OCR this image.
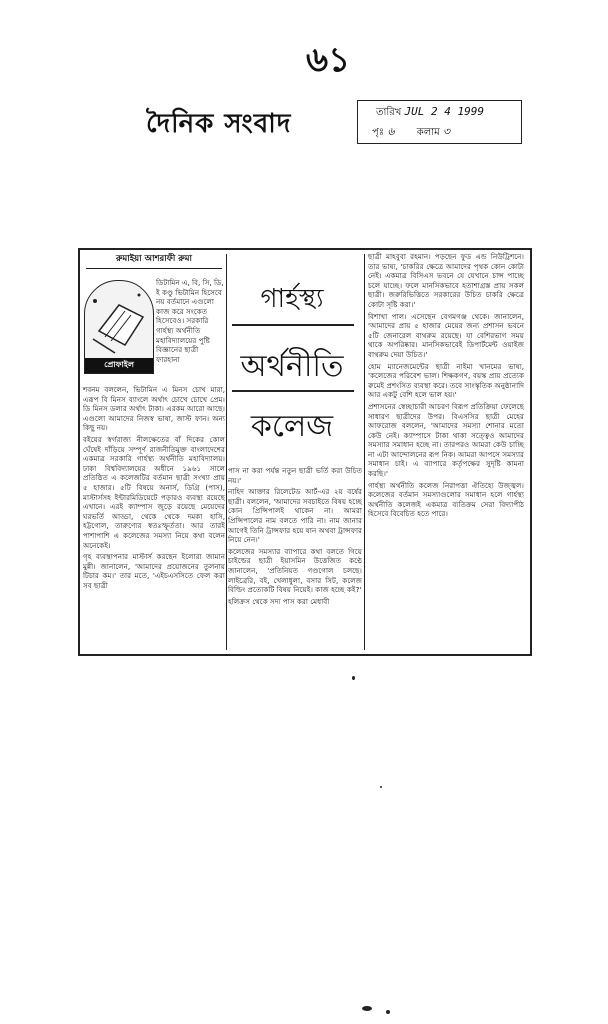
৬১
দৈনিক সংবাদ	তারিখ JUL 2 4 1999
পৃঃ ৬ কলাম ৩
রুমাইয়া আশরাফী রুমা
প্রোফাইল
ডিটামিন এ, বি, সি, ডি, ই কণ্ডু ভিটামিন হিসেবে নয় বর্তমানে এগুলো কাজ করে সংকেত হিসেবেও। সরকারি গার্হস্থ্য অর্থনীতি মহাবিদ্যালয়ের পুষ্টি বিজ্ঞানের ছাত্রী ফারহানা

শবনম বললেন, ভিটামিন এ মিনস চোখ মারা, এরূপ বি মিনস ব্যাংলে অর্থাৎ চোখে চোখে প্রেম। ডি মিনস ডলার অর্থাৎ টাকা। এরকম আরো আছে। এগুলো আমাদের নিজস্ব ভাষা, জাস্ট ফান। অন্য কিছু নয়।

বইয়ের স্বর্গরাজ্য নীলক্ষেতের বাঁ দিকের কোল ঘেঁষেই দাঁড়িয়ে সম্পূর্ণ রাজনীতিমুক্ত বাংলাদেশের একমাত্র সরকারি গার্হস্থ্য অর্থনীতি মহাবিদ্যালয়। ঢাকা বিশ্ববিদ্যালয়ের অধীনে ১৯৬১ সালে প্রতিষ্ঠিত এ কলেজটির বর্তমান ছাত্রী সংখ্যা প্রায় ৫ হাজার। ৫টি বিষয়ে অনার্স, ডিগ্রি (পাস), মাস্টার্সসহ ইন্টারমিডিয়েটে পড়ারও ব্যবস্থা রয়েছে এখানে। এরই ক্যাম্পাস জুড়ে রয়েছে মেয়েদের ঘরভর্তি আড্ডা, থেকে থেকে দমকা হাসি, হট্টগোল, তারুণ্যের স্বতঃস্ফূর্ততা। আর তারই পাশাপাশি এ কলেজের সমস্যা নিয়ে কথা বলেন অনেকেই।

গৃহ ব্যবস্থাপনার মাস্টার্স করছেন ইলোরা জামান মুন্নী। জানালেন, 'আমাদের প্রয়োজনের তুলনায় টিচার কম।' তার মতে, 'এইচএসসিতে ফেল করা সব ছাত্রী

গার্হস্থ্য
অর্থনীতি
কলেজ

পাস না করা পর্যন্ত নতুন ছাত্রী ভর্তি করা উচিত নয়।'

নাহিদ আক্তার রিলেটেড আর্ট-এর ২য় বর্ষের ছাত্রী। বললেন, 'আমাদের সবচাইতে বিষয় হচ্ছে কোন প্রিন্সিপালই থাকেন না। আমরা প্রিন্সিপালের নাম বলতে পারি না। নাম জানার আগেই তিনি ট্রান্সফার হয়ে যান অথবা ট্রান্সফার নিয়ে নেন।'

কলেজের সমস্যার ব্যাপারে কথা বলতে গিয়ে চাইল্ডের ছাত্রী ইয়াসমিন উত্তেজিত কণ্ঠে জানালেন, 'প্রতিনিয়ত গণ্ডগোল চলছে। লাইব্রেরি, বই, খেলাধুলা, বসার সিট, কলেজ বিল্ডিং প্রত্যেকটি বিষয় নিয়েই। কাজ হচ্ছে কই?'

হলিক্রস থেকে সদ্য পাস করা মেধাবী

ছাত্রী মাহবুবা রহমান। পড়ছেন ফুড এন্ড নিউট্রিশনে। তার ভাষ্য, 'চাকরির ক্ষেত্রে আমাদের পৃথক কোন কোটা নেই। একমাত্র বিসিএস ভবনে যে যেখানে চান্স পাচ্ছে চলে যাচ্ছে। ফলে মানসিকভাবে হতাশাগ্রস্ত প্রায় সকল ছাত্রী। জরুরিভিত্তিতে সরকারের উচিত চাকরি ক্ষেত্রে কোটা সৃষ্টি করা।'

বিশাখা পাল। এসেছেন বেগমগঞ্জ থেকে। জানালেন, 'আমাদের প্রায় ৫ হাজার মেয়ের জন্য প্রশাসন ভবনে ৫টি জেনারেল বাথরুম রয়েছে। যা বেশিরভাগ সময় থাকে অপরিষ্কার। মানসিকভাবেই ডিপার্টমেন্ট ওয়াইজ বাথরুম দেয়া উচিত।'

হোম ম্যানেজমেন্টের ছাত্রী নাইমা খানমের ভাষ্য, 'কলেজের পরিবেশ ভাল। শিক্ষকগণ, বয়স্ক প্রায় প্রত্যেক রুমেই প্রশংসিত ব্যবস্থা করে। তবে সাংস্কৃতিক অনুষ্ঠানাদি আর একটু বেশি হলে ভাল হয়।'

প্রশাসনের স্বেচ্ছাচারী আচরণ বিরূপ প্রতিক্রিয়া ফেলেছে সাধারণ ছাত্রীদের উপর। বিএসসির ছাত্রী মেহের আফরোজ বললেন, 'আমাদের সমস্যা শোনার মতো কেউ নেই। ক্যাম্পাসে টাকা থাকা সত্ত্বেও আমাদের সমস্যার সমাধান হচ্ছে না। তারপরও আমরা কেউ চাচ্ছি না এটা আন্দোলনের রূপ নিক। আমরা আপসে সমস্যার সমাধান চাই। এ ব্যাপারে কর্তৃপক্ষের সুদৃষ্টি কামনা করছি।'

গার্হস্থ্য অর্থনীতি কলেজ নিরাপত্তা ঐতিহ্যে উজ্জ্বল। কলেজের বর্তমান সমস্যাগুলোর সমাধান হলে গার্হস্থ্য অর্থনীতি কলেজই একমাত্র ব্যতিক্রম সেরা বিদ্যাপীঠ হিসেবে বিবেচিত হতে পারে।
